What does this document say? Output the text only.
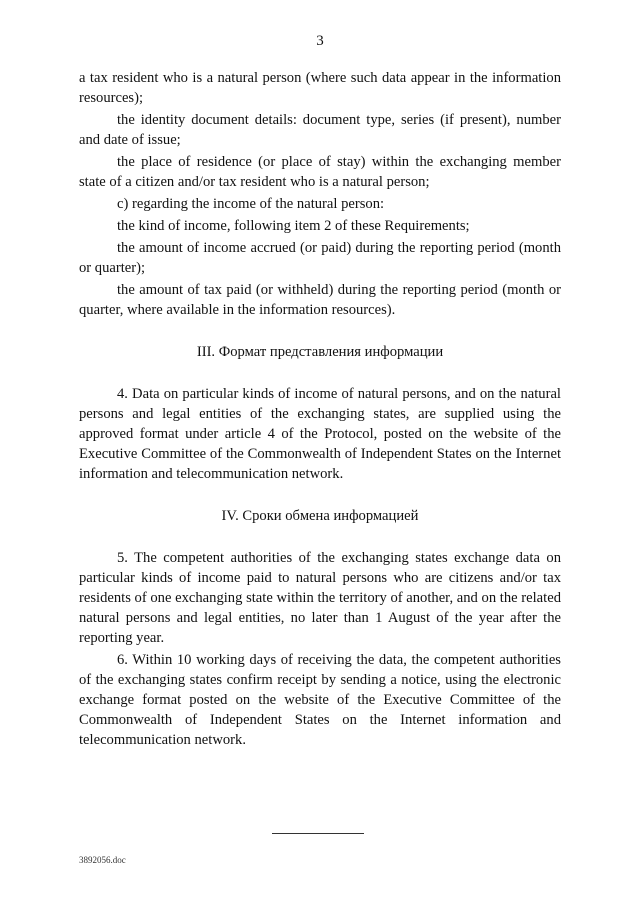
3

a tax resident who is a natural person (where such data appear in the information resources);

the identity document details: document type, series (if present), number and date of issue;

the place of residence (or place of stay) within the exchanging member state of a citizen and/or tax resident who is a natural person;

c) regarding the income of the natural person:

the kind of income, following item 2 of these Requirements;

the amount of income accrued (or paid) during the reporting period (month or quarter);

the amount of tax paid (or withheld) during the reporting period (month or quarter, where available in the information resources).

III. Формат представления информации

4. Data on particular kinds of income of natural persons, and on the natural persons and legal entities of the exchanging states, are supplied using the approved format under article 4 of the Protocol, posted on the website of the Executive Committee of the Commonwealth of Independent States on the Internet information and telecommunication network.

IV. Сроки обмена информацией

5. The competent authorities of the exchanging states exchange data on particular kinds of income paid to natural persons who are citizens and/or tax residents of one exchanging state within the territory of another, and on the related natural persons and legal entities, no later than 1 August of the year after the reporting year.

6. Within 10 working days of receiving the data, the competent authorities of the exchanging states confirm receipt by sending a notice, using the electronic exchange format posted on the website of the Executive Committee of the Commonwealth of Independent States on the Internet information and telecommunication network.

3892056.doc
